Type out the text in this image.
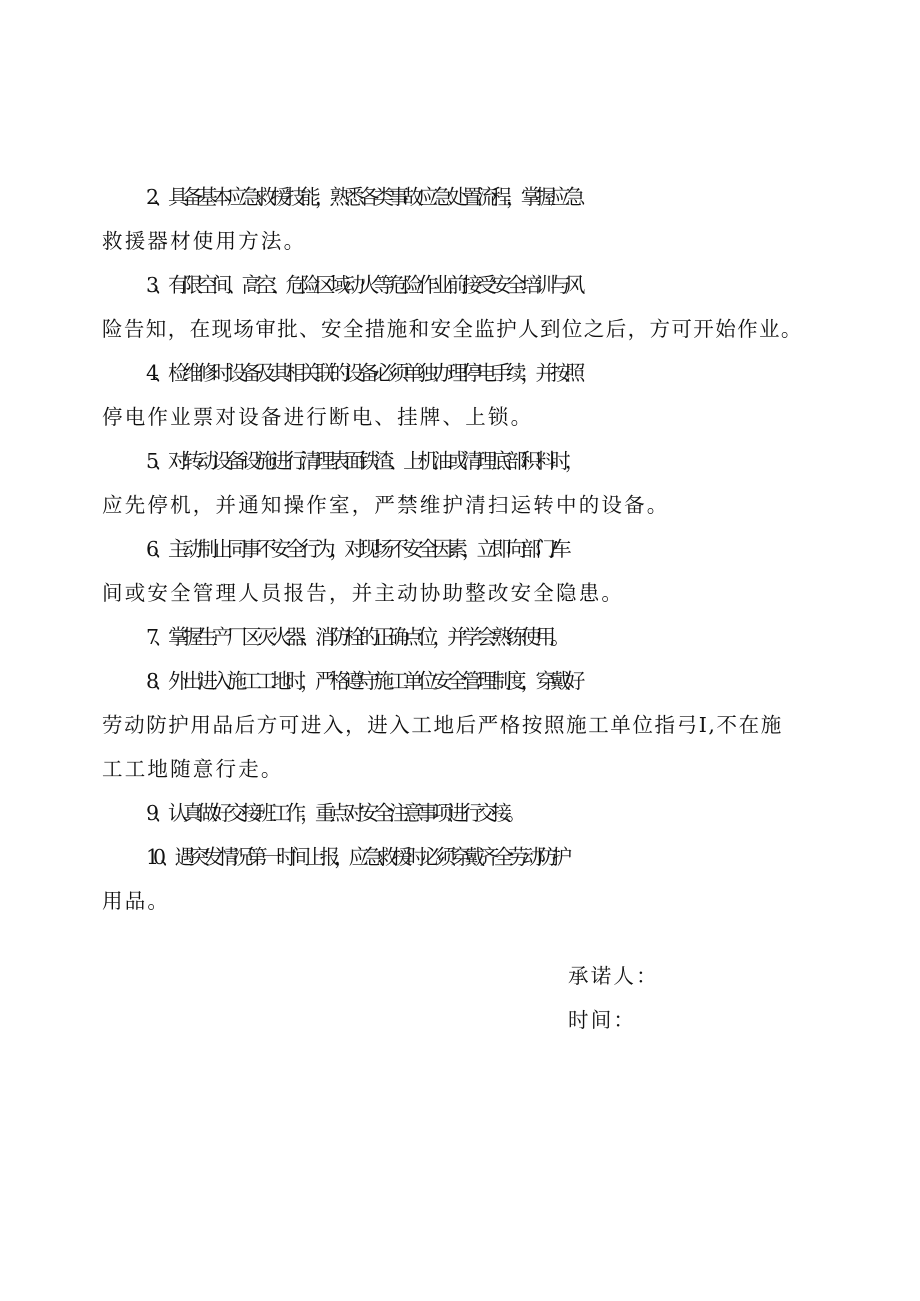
2、具备基本应急救援技能，熟悉各类事故应急处置流程，掌握应急
救援器材使用方法。
3、有限空间、高空、危险区域动火等危险作业前接受安全培训与风
险告知，在现场审批、安全措施和安全监护人到位之后，方可开始作业。
4、检维修时设备及其相关联的设备必须单独办理停电手续，并按照
停电作业票对设备进行断电、挂牌、上锁。
5、对转动设备设施进行清理表面铁渣、上机油或清理底部积料时，
应先停机，并通知操作室，严禁维护清扫运转中的设备。
6、主动制止同事不安全行为，对现场不安全因素，立即向部门/车
间或安全管理人员报告，并主动协助整改安全隐患。
7、掌握生产厂区灭火器、消防栓的正确点位，并学会熟练使用。
8、外出进入施工工地时，严格遵守施工单位安全管理制度，穿戴好
劳动防护用品后方可进入，进入工地后严格按照施工单位指弓I,不在施
工工地随意行走。
9、认真做好交接班工作，重点对安全注意事项进行交接。
10、遇突发情况第一时间上报，应急救援时必须穿戴齐全劳动防护
用品。
承诺人：
时间：
